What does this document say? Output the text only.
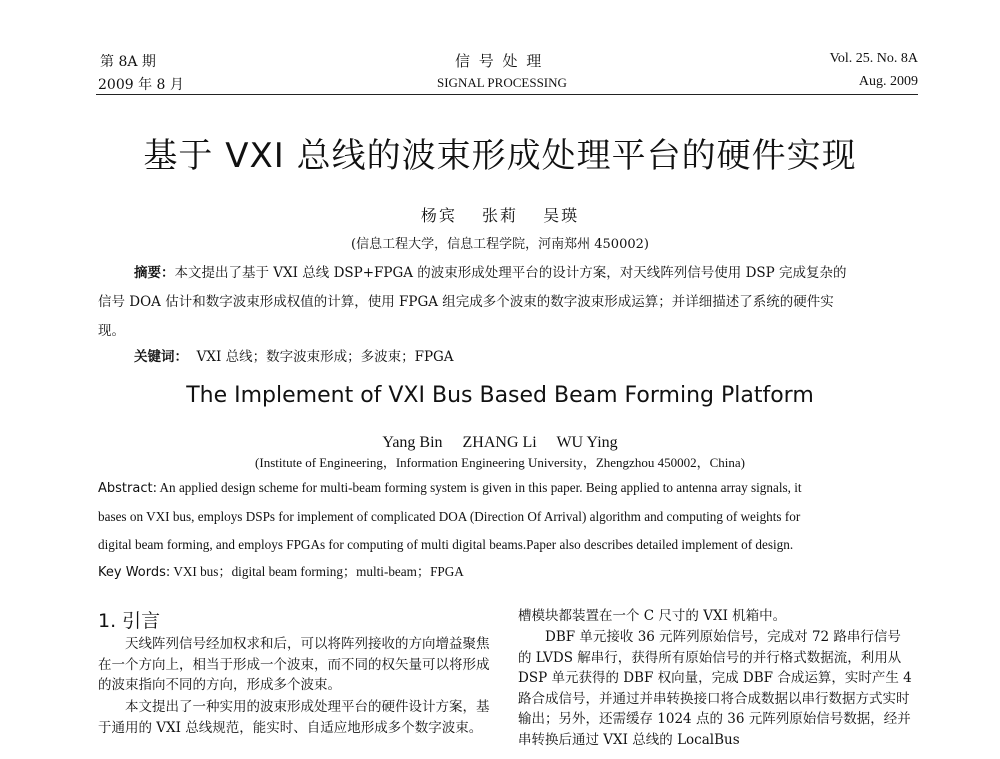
第 8A 期
2009 年 8 月
信 号 处 理
SIGNAL PROCESSING
Vol. 25. No. 8A
Aug. 2009
基于 VXI 总线的波束形成处理平台的硬件实现
杨宾　 张莉　 吴瑛
(信息工程大学，信息工程学院，河南郑州 450002)
摘要：本文提出了基于 VXI 总线 DSP+FPGA 的波束形成处理平台的设计方案，对天线阵列信号使用 DSP 完成复杂的
信号 DOA 估计和数字波束形成权值的计算，使用 FPGA 组完成多个波束的数字波束形成运算；并详细描述了系统的硬件实
现。
关键词： VXI 总线；数字波束形成；多波束；FPGA
The Implement of VXI Bus Based Beam Forming Platform
Yang Bin　 ZHANG Li　 WU Ying
(Institute of Engineering，Information Engineering University，Zhengzhou 450002，China)
Abstract: An applied design scheme for multi-beam forming system is given in this paper. Being applied to antenna array signals, it
bases on VXI bus, employs DSPs for implement of complicated DOA (Direction Of Arrival) algorithm and computing of weights for
digital beam forming, and employs FPGAs for computing of multi digital beams.Paper also describes detailed implement of design.
Key Words: VXI bus；digital beam forming；multi-beam；FPGA
1. 引言
天线阵列信号经加权求和后，可以将阵列接收的方向增益聚焦在一个方向上，相当于形成一个波束，而不同的权矢量可以将形成的波束指向不同的方向，形成多个波束。
本文提出了一种实用的波束形成处理平台的硬件设计方案，基于通用的 VXI 总线规范，能实时、自适应地形成多个数字波束。
槽模块都装置在一个 C 尺寸的 VXI 机箱中。
DBF 单元接收 36 元阵列原始信号，完成对 72 路串行信号的 LVDS 解串行，获得所有原始信号的并行格式数据流，利用从 DSP 单元获得的 DBF 权向量，完成 DBF 合成运算，实时产生 4 路合成信号，并通过并串转换接口将合成数据以串行数据方式实时输出；另外，还需缓存 1024 点的 36 元阵列原始信号数据，经并串转换后通过 VXI 总线的 LocalBus
